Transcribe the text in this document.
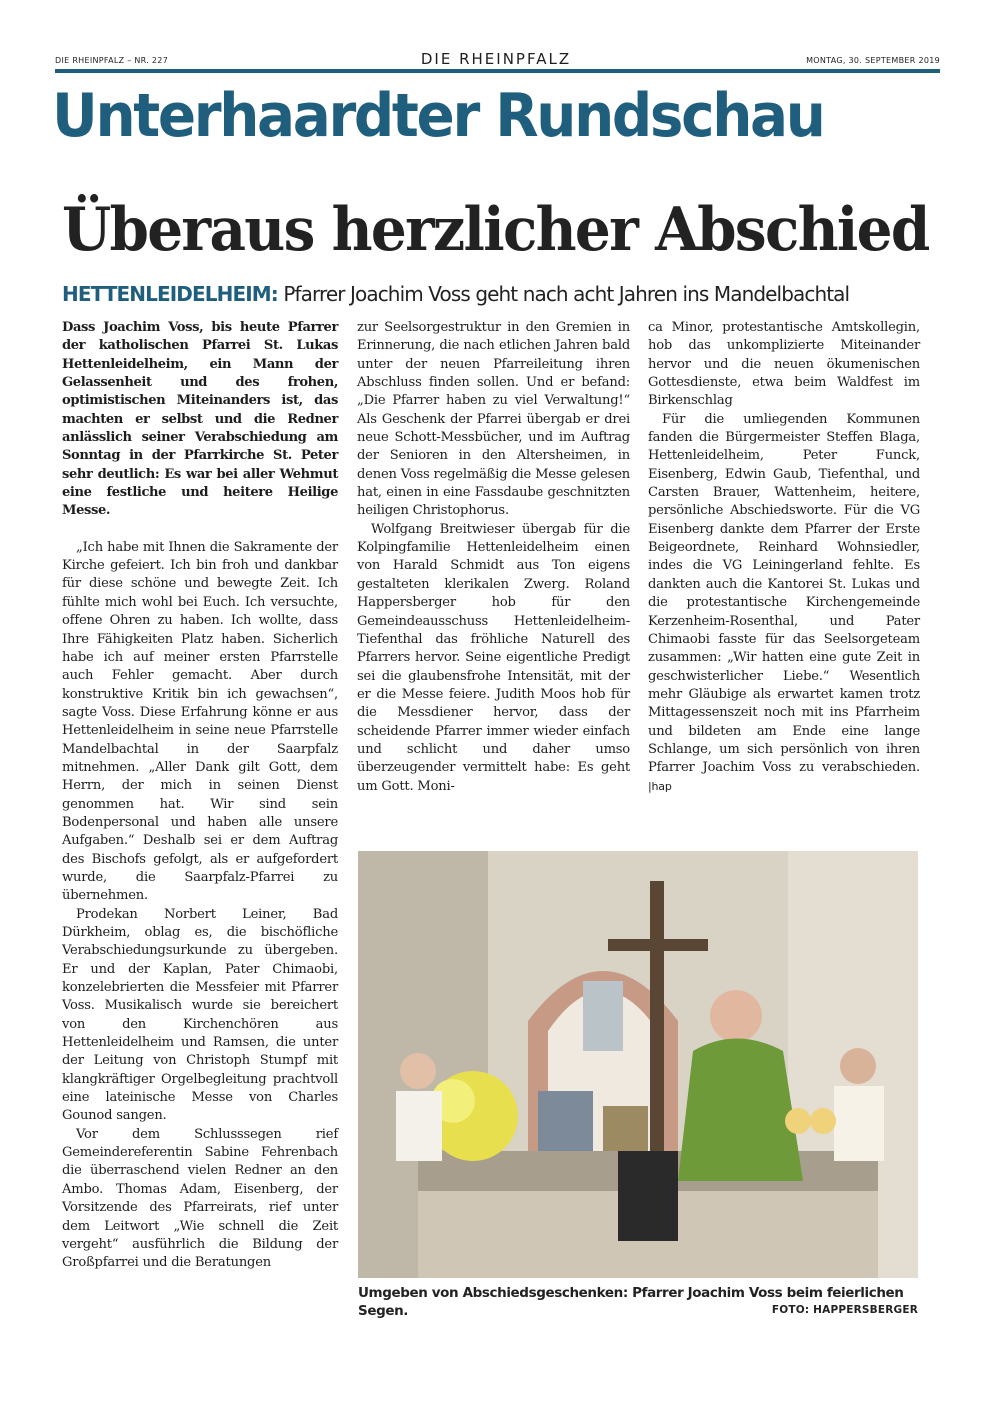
DIE RHEINPFALZ – NR. 227	DIE RHEINPFALZ	MONTAG, 30. SEPTEMBER 2019
Unterhaardter Rundschau
Überaus herzlicher Abschied
HETTENLEIDELHEIM: Pfarrer Joachim Voss geht nach acht Jahren ins Mandelbachtal

Dass Joachim Voss, bis heute Pfarrer der katholischen Pfarrei St. Lukas Hettenleidelheim, ein Mann der Gelassenheit und des frohen, optimistischen Miteinanders ist, das machten er selbst und die Redner anlässlich seiner Verabschiedung am Sonntag in der Pfarrkirche St. Peter sehr deutlich: Es war bei aller Wehmut eine festliche und heitere Heilige Messe.

„Ich habe mit Ihnen die Sakramente der Kirche gefeiert. Ich bin froh und dankbar für diese schöne und bewegte Zeit. Ich fühlte mich wohl bei Euch. Ich versuchte, offene Ohren zu haben. Ich wollte, dass Ihre Fähigkeiten Platz haben. Sicherlich habe ich auf meiner ersten Pfarrstelle auch Fehler gemacht. Aber durch konstruktive Kritik bin ich gewachsen“, sagte Voss. Diese Erfahrung könne er aus Hettenleidelheim in seine neue Pfarrstelle Mandelbachtal in der Saarpfalz mitnehmen. „Aller Dank gilt Gott, dem Herrn, der mich in seinen Dienst genommen hat. Wir sind sein Bodenpersonal und haben alle unsere Aufgaben.“ Deshalb sei er dem Auftrag des Bischofs gefolgt, als er aufgefordert wurde, die Saarpfalz-Pfarrei zu übernehmen.

Prodekan Norbert Leiner, Bad Dürkheim, oblag es, die bischöfliche Verabschiedungsurkunde zu übergeben. Er und der Kaplan, Pater Chimaobi, konzelebrierten die Messfeier mit Pfarrer Voss. Musikalisch wurde sie bereichert von den Kirchenchören aus Hettenleidelheim und Ramsen, die unter der Leitung von Christoph Stumpf mit klangkräftiger Orgelbegleitung prachtvoll eine lateinische Messe von Charles Gounod sangen.

Vor dem Schlusssegen rief Gemeindereferentin Sabine Fehrenbach die überraschend vielen Redner an den Ambo. Thomas Adam, Eisenberg, der Vorsitzende des Pfarreirats, rief unter dem Leitwort „Wie schnell die Zeit vergeht“ ausführlich die Bildung der Großpfarrei und die Beratungen

zur Seelsorgestruktur in den Gremien in Erinnerung, die nach etlichen Jahren bald unter der neuen Pfarreileitung ihren Abschluss finden sollen. Und er befand: „Die Pfarrer haben zu viel Verwaltung!“ Als Geschenk der Pfarrei übergab er drei neue Schott-Messbücher, und im Auftrag der Senioren in den Altersheimen, in denen Voss regelmäßig die Messe gelesen hat, einen in eine Fassdaube geschnitzten heiligen Christophorus.

Wolfgang Breitwieser übergab für die Kolpingfamilie Hettenleidelheim einen von Harald Schmidt aus Ton eigens gestalteten klerikalen Zwerg. Roland Happersberger hob für den Gemeindeausschuss Hettenleidelheim-Tiefenthal das fröhliche Naturell des Pfarrers hervor. Seine eigentliche Predigt sei die glaubensfrohe Intensität, mit der er die Messe feiere. Judith Moos hob für die Messdiener hervor, dass der scheidende Pfarrer immer wieder einfach und schlicht und daher umso überzeugender vermittelt habe: Es geht um Gott. Moni-

ca Minor, protestantische Amtskollegin, hob das unkomplizierte Miteinander hervor und die neuen ökumenischen Gottesdienste, etwa beim Waldfest im Birkenschlag

Für die umliegenden Kommunen fanden die Bürgermeister Steffen Blaga, Hettenleidelheim, Peter Funck, Eisenberg, Edwin Gaub, Tiefenthal, und Carsten Brauer, Wattenheim, heitere, persönliche Abschiedsworte. Für die VG Eisenberg dankte dem Pfarrer der Erste Beigeordnete, Reinhard Wohnsiedler, indes die VG Leiningerland fehlte. Es dankten auch die Kantorei St. Lukas und die protestantische Kirchengemeinde Kerzenheim-Rosenthal, und Pater Chimaobi fasste für das Seelsorgeteam zusammen: „Wir hatten eine gute Zeit in geschwisterlicher Liebe.“ Wesentlich mehr Gläubige als erwartet kamen trotz Mittagessenszeit noch mit ins Pfarrheim und bildeten am Ende eine lange Schlange, um sich persönlich von ihren Pfarrer Joachim Voss zu verabschieden. |hap

Umgeben von Abschiedsgeschenken: Pfarrer Joachim Voss beim feierlichen Segen.	FOTO: HAPPERSBERGER
